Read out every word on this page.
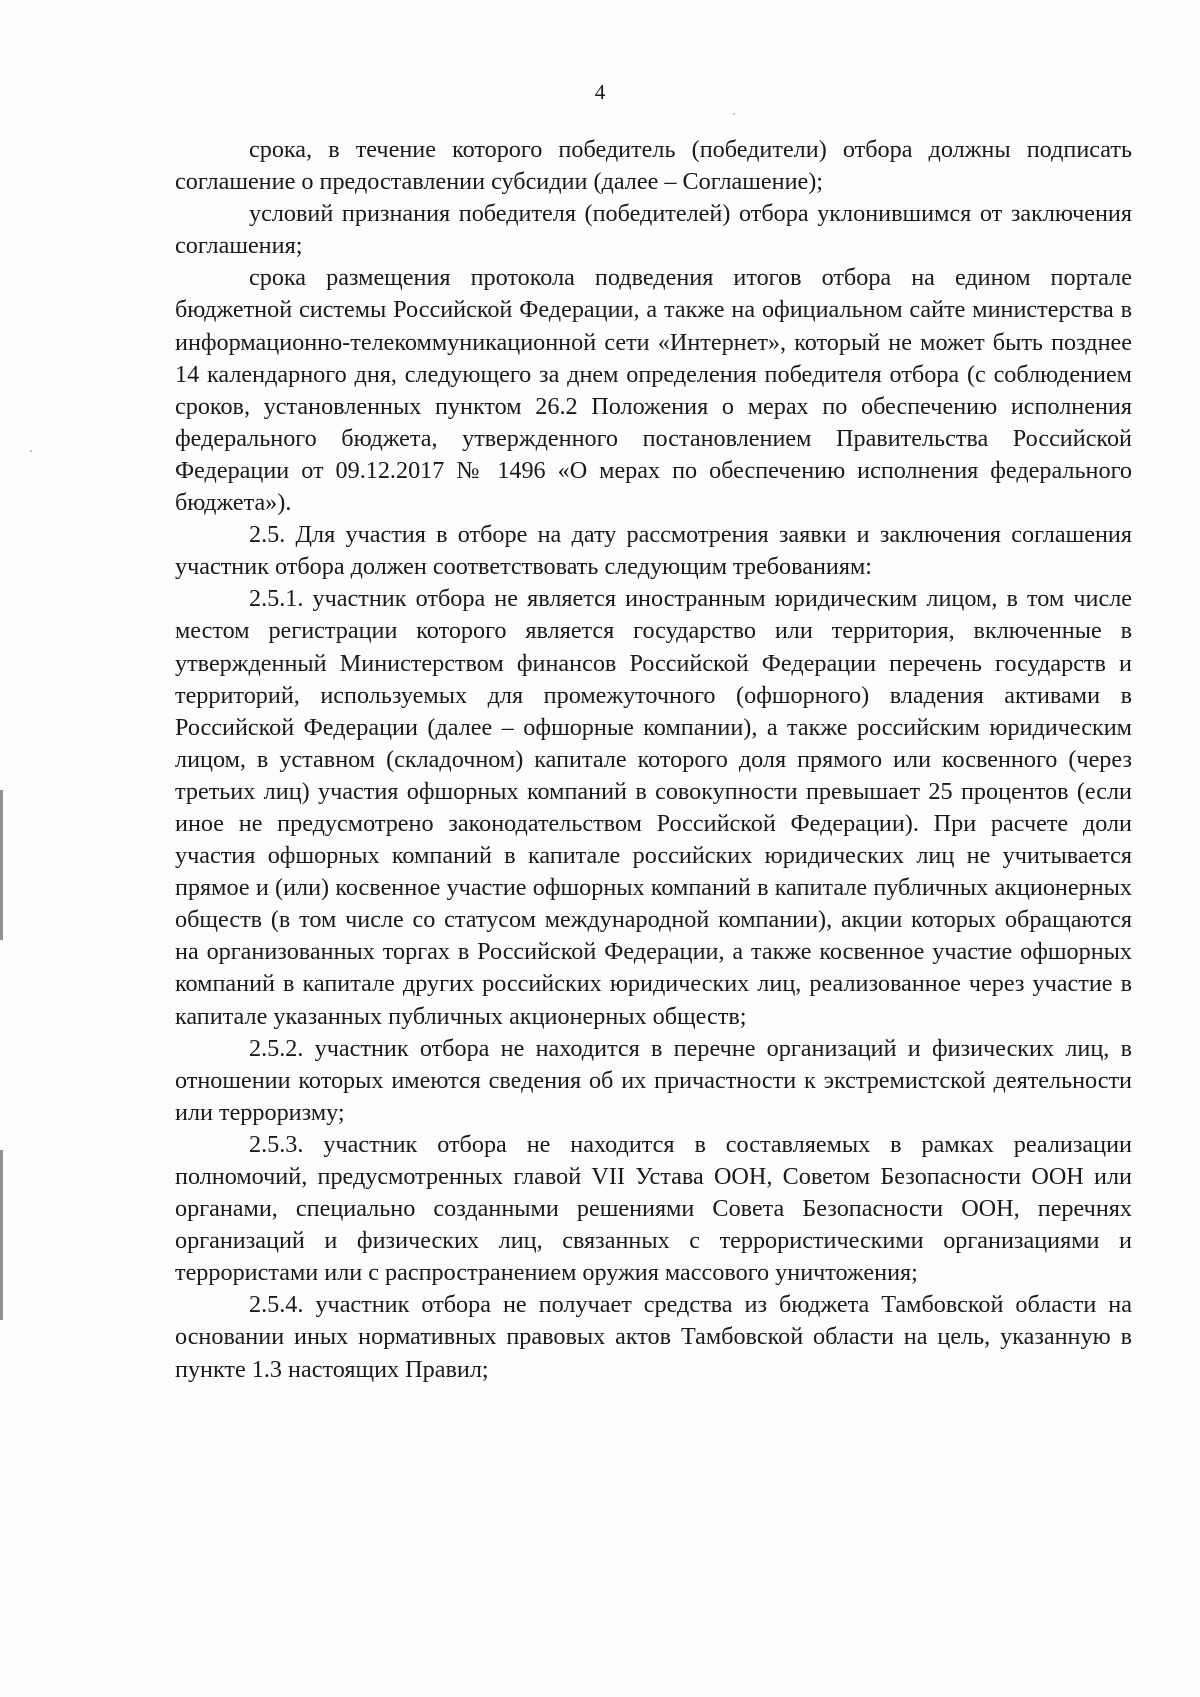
4

срока, в течение которого победитель (победители) отбора должны подписать соглашение о предоставлении субсидии (далее – Соглашение);

условий признания победителя (победителей) отбора уклонившимся от заключения соглашения;

срока размещения протокола подведения итогов отбора на едином портале бюджетной системы Российской Федерации, а также на официальном сайте министерства в информационно-телекоммуникационной сети «Интернет», который не может быть позднее 14 календарного дня, следующего за днем определения победителя отбора (с соблюдением сроков, установленных пунктом 26.2 Положения о мерах по обеспечению исполнения федерального бюджета, утвержденного постановлением Правительства Российской Федерации от 09.12.2017 № 1496 «О мерах по обеспечению исполнения федерального бюджета»).

2.5. Для участия в отборе на дату рассмотрения заявки и заключения соглашения участник отбора должен соответствовать следующим требованиям:

2.5.1. участник отбора не является иностранным юридическим лицом, в том числе местом регистрации которого является государство или территория, включенные в утвержденный Министерством финансов Российской Федерации перечень государств и территорий, используемых для промежуточного (офшорного) владения активами в Российской Федерации (далее – офшорные компании), а также российским юридическим лицом, в уставном (складочном) капитале которого доля прямого или косвенного (через третьих лиц) участия офшорных компаний в совокупности превышает 25 процентов (если иное не предусмотрено законодательством Российской Федерации). При расчете доли участия офшорных компаний в капитале российских юридических лиц не учитывается прямое и (или) косвенное участие офшорных компаний в капитале публичных акционерных обществ (в том числе со статусом международной компании), акции которых обращаются на организованных торгах в Российской Федерации, а также косвенное участие офшорных компаний в капитале других российских юридических лиц, реализованное через участие в капитале указанных публичных акционерных обществ;

2.5.2. участник отбора не находится в перечне организаций и физических лиц, в отношении которых имеются сведения об их причастности к экстремистской деятельности или терроризму;

2.5.3. участник отбора не находится в составляемых в рамках реализации полномочий, предусмотренных главой VII Устава ООН, Советом Безопасности ООН или органами, специально созданными решениями Совета Безопасности ООН, перечнях организаций и физических лиц, связанных с террористическими организациями и террористами или с распространением оружия массового уничтожения;

2.5.4. участник отбора не получает средства из бюджета Тамбовской области на основании иных нормативных правовых актов Тамбовской области на цель, указанную в пункте 1.3 настоящих Правил;
